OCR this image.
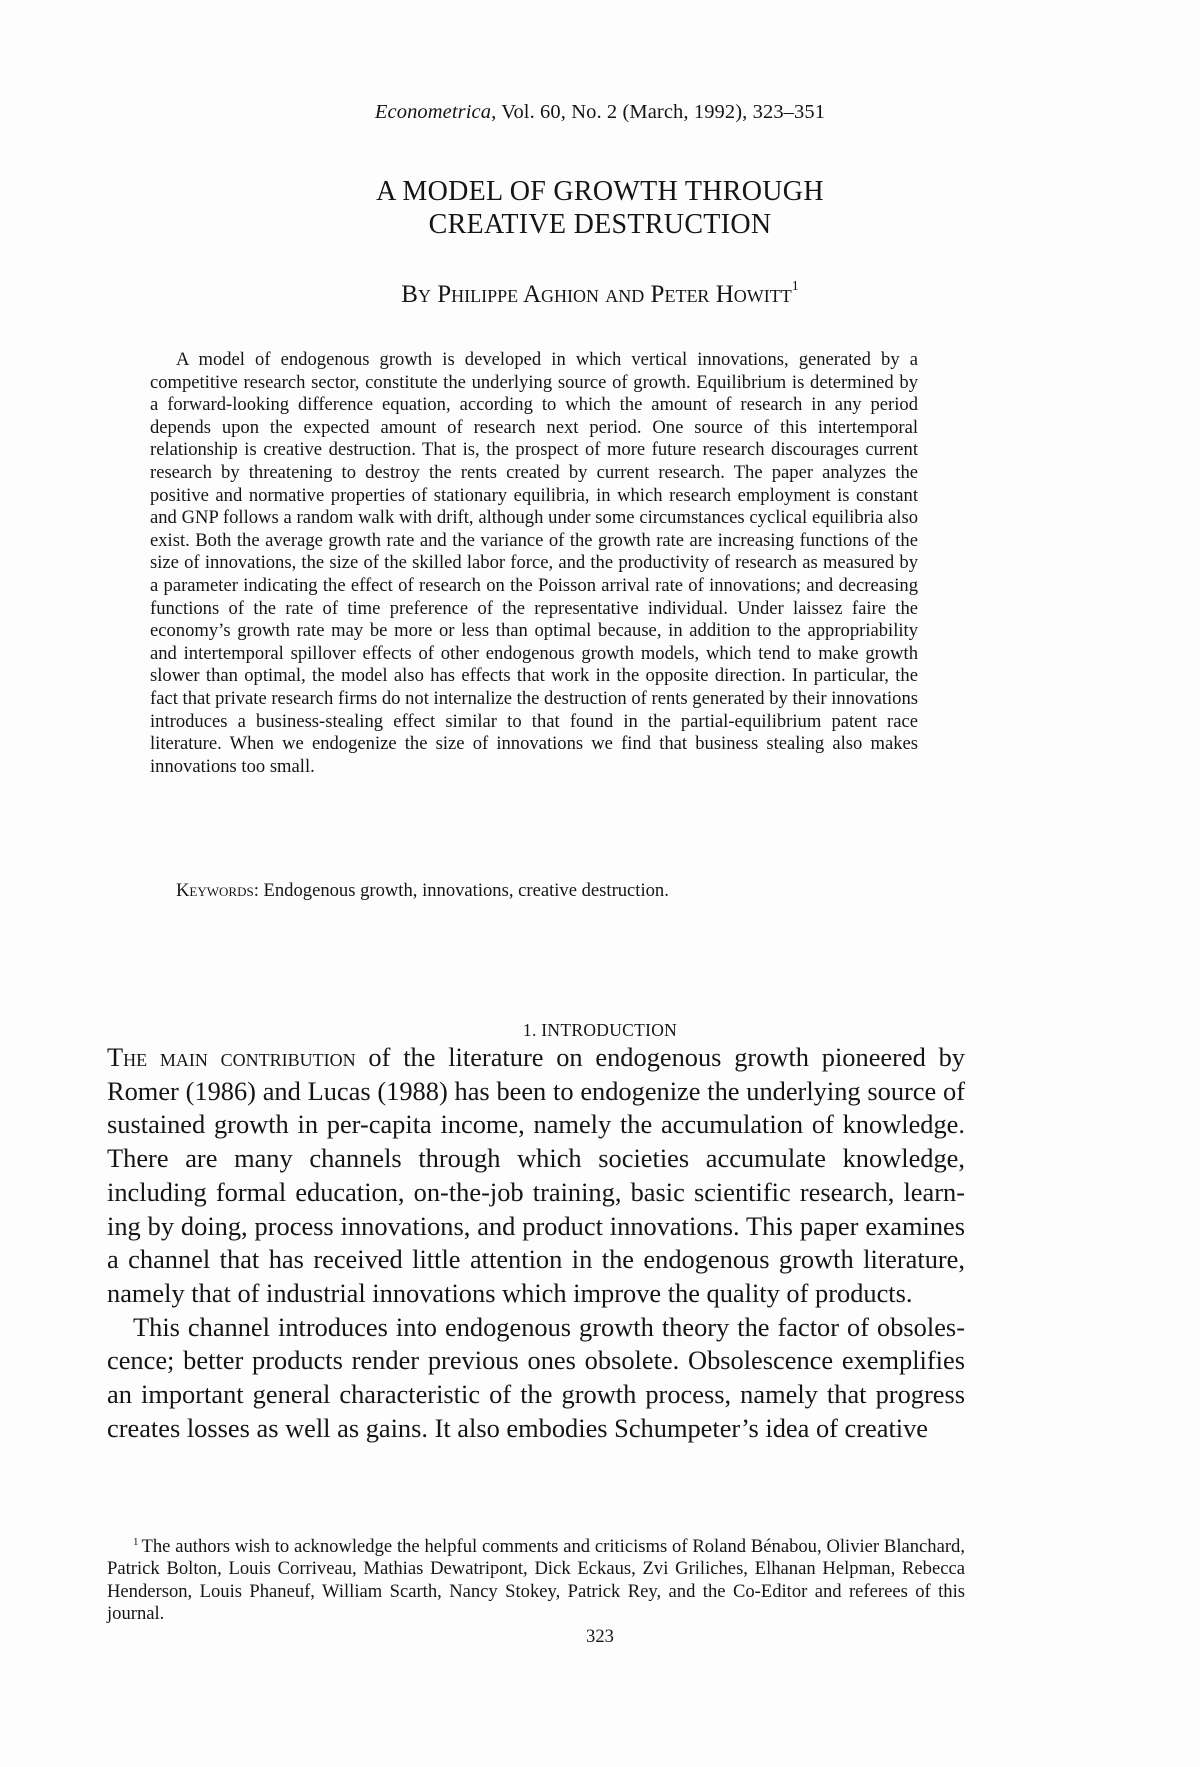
Econometrica, Vol. 60, No. 2 (March, 1992), 323–351
A MODEL OF GROWTH THROUGH
CREATIVE DESTRUCTION
By Philippe Aghion and Peter Howitt$^1$

A model of endogenous growth is developed in which vertical innovations, generated by a competitive research sector, constitute the underlying source of growth. Equilibrium is determined by a forward-looking difference equation, according to which the amount of research in any period depends upon the expected amount of research next period. One source of this intertemporal relationship is creative destruction. That is, the prospect of more future research discourages current research by threatening to destroy the rents created by current research. The paper analyzes the positive and normative properties of stationary equilibria, in which research employment is constant and GNP follows a random walk with drift, although under some circumstances cyclical equilibria also exist. Both the average growth rate and the variance of the growth rate are increasing functions of the size of innovations, the size of the skilled labor force, and the productivity of research as measured by a parameter indicating the effect of research on the Poisson arrival rate of innovations; and decreasing functions of the rate of time preference of the representative individual. Under laissez faire the economy’s growth rate may be more or less than optimal because, in addition to the appropriability and intertemporal spillover effects of other endogenous growth models, which tend to make growth slower than optimal, the model also has effects that work in the opposite direction. In particular, the fact that private research firms do not internalize the destruction of rents generated by their innovations introduces a business-stealing effect similar to that found in the partial-equilibrium patent race literature. When we endogenize the size of innovations we find that business stealing also makes innovations too small.

Keywords: Endogenous growth, innovations, creative destruction.
1. INTRODUCTION

The main contribution of the literature on endogenous growth pioneered by Romer (1986) and Lucas (1988) has been to endogenize the underlying source of sustained growth in per-capita income, namely the accumulation of knowledge. There are many channels through which societies accumulate knowledge, including formal education, on-the-job training, basic scientific research, learning by doing, process innovations, and product innovations. This paper examines a channel that has received little attention in the endogenous growth literature, namely that of industrial innovations which improve the quality of products.

This channel introduces into endogenous growth theory the factor of obsolescence; better products render previous ones obsolete. Obsolescence exemplifies an important general characteristic of the growth process, namely that progress creates losses as well as gains. It also embodies Schumpeter’s idea of creative

$^1$ The authors wish to acknowledge the helpful comments and criticisms of Roland Bénabou, Olivier Blanchard, Patrick Bolton, Louis Corriveau, Mathias Dewatripont, Dick Eckaus, Zvi Griliches, Elhanan Helpman, Rebecca Henderson, Louis Phaneuf, William Scarth, Nancy Stokey, Patrick Rey, and the Co-Editor and referees of this journal.

323
